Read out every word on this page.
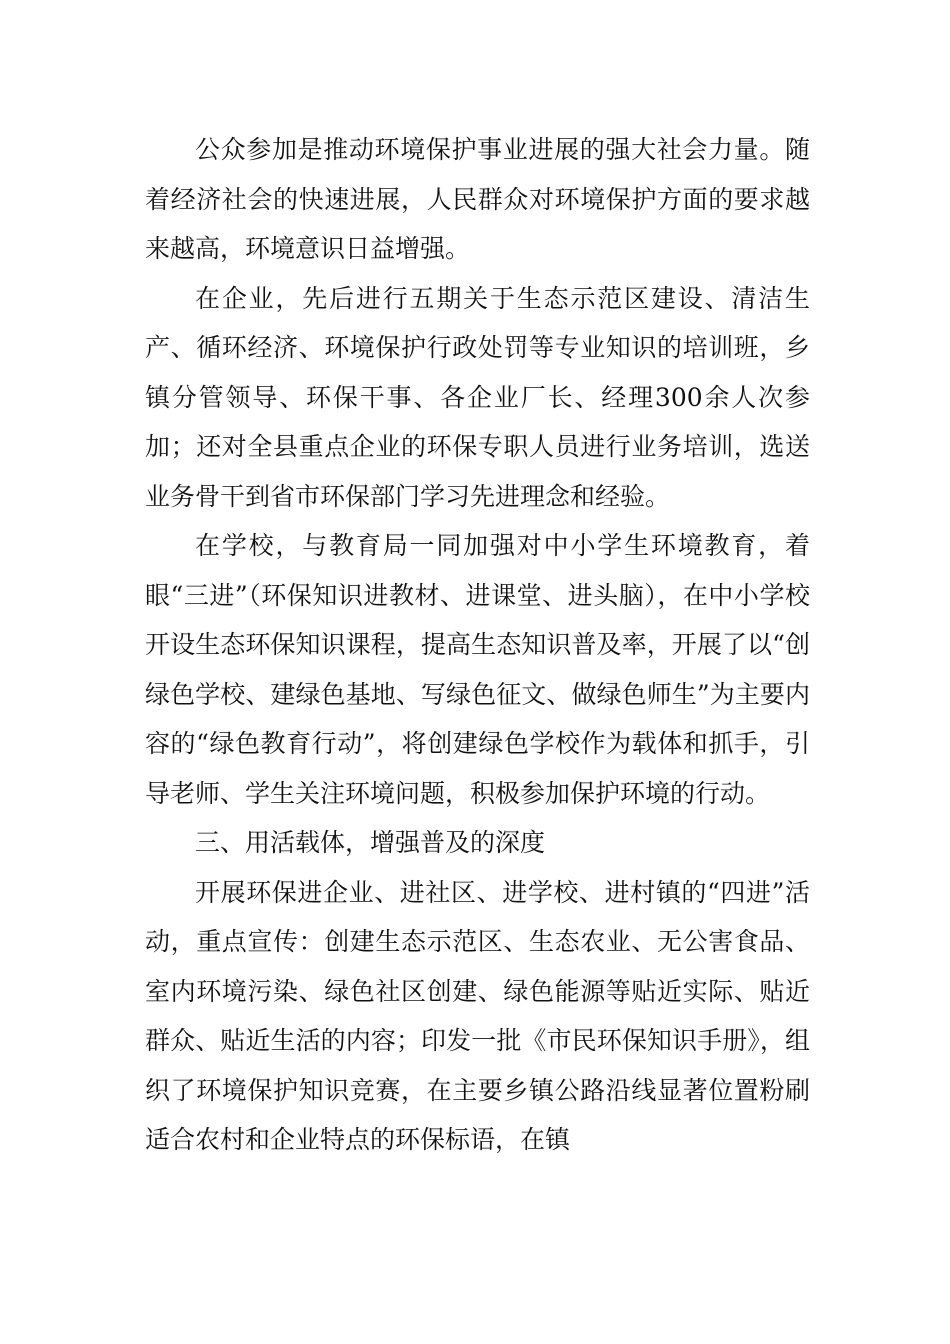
公众参加是推动环境保护事业进展的强大社会力量。随着经济社会的快速进展，人民群众对环境保护方面的要求越来越高，环境意识日益增强。

在企业，先后进行五期关于生态示范区建设、清洁生产、循环经济、环境保护行政处罚等专业知识的培训班，乡镇分管领导、环保干事、各企业厂长、经理300余人次参加；还对全县重点企业的环保专职人员进行业务培训，选送业务骨干到省市环保部门学习先进理念和经验。

在学校，与教育局一同加强对中小学生环境教育，着眼“三进”（环保知识进教材、进课堂、进头脑），在中小学校开设生态环保知识课程，提高生态知识普及率，开展了以“创绿色学校、建绿色基地、写绿色征文、做绿色师生”为主要内容的“绿色教育行动”，将创建绿色学校作为载体和抓手，引导老师、学生关注环境问题，积极参加保护环境的行动。

三、用活载体，增强普及的深度

开展环保进企业、进社区、进学校、进村镇的“四进”活动，重点宣传：创建生态示范区、生态农业、无公害食品、室内环境污染、绿色社区创建、绿色能源等贴近实际、贴近群众、贴近生活的内容；印发一批《市民环保知识手册》，组织了环境保护知识竞赛，在主要乡镇公路沿线显著位置粉刷适合农村和企业特点的环保标语，在镇
